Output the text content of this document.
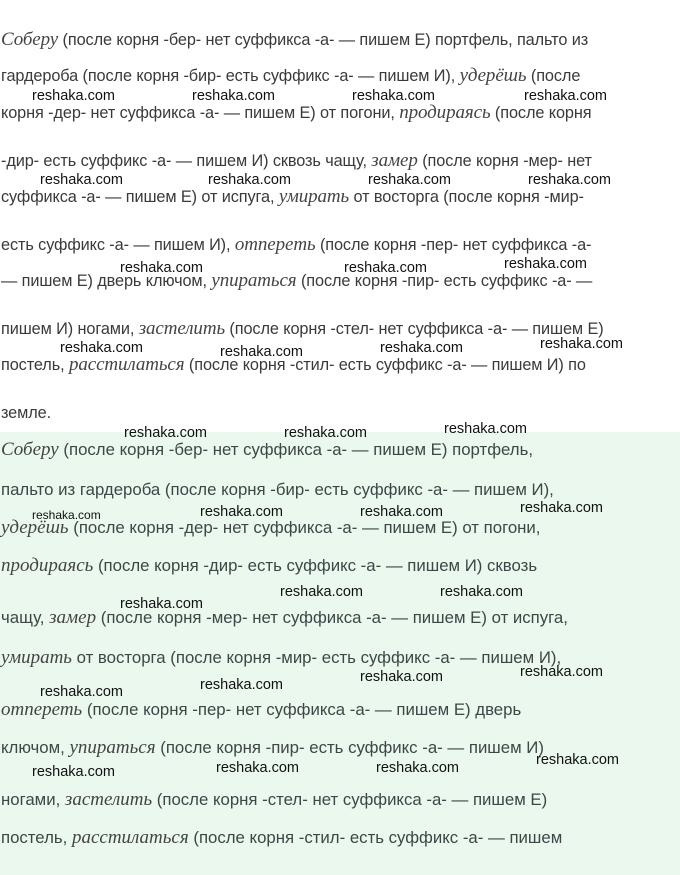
Соберу (после корня -бер- нет суффикса -а- — пишем Е) портфель, пальто из
гардероба (после корня -бир- есть суффикс -а- — пишем И), удерёшь (после
корня -дер- нет суффикса -а- — пишем Е) от погони, продираясь (после корня
-дир- есть суффикс -а- — пишем И) сквозь чащу, замер (после корня -мер- нет
суффикса -а- — пишем Е) от испуга, умирать от восторга (после корня -мир-
есть суффикс -а- — пишем И), отперeть (после корня -пер- нет суффикса -а-
— пишем Е) дверь ключом, упираться (после корня -пир- есть суффикс -а- —
пишем И) ногами, застелить (после корня -стел- нет суффикса -а- — пишем Е)
постель, расстилаться (после корня -стил- есть суффикс -а- — пишем И) по
земле.
Соберу (после корня -бер- нет суффикса -а- — пишем Е) портфель,
пальто из гардероба (после корня -бир- есть суффикс -а- — пишем И),
удерёшь (после корня -дер- нет суффикса -а- — пишем Е) от погони,
продираясь (после корня -дир- есть суффикс -а- — пишем И) сквозь
чащу, замер (после корня -мер- нет суффикса -а- — пишем Е) от испуга,
умирать от восторга (после корня -мир- есть суффикс -а- — пишем И),
отпереть (после корня -пер- нет суффикса -а- — пишем Е) дверь
ключом, упираться (после корня -пир- есть суффикс -а- — пишем И)
ногами, застелить (после корня -стел- нет суффикса -а- — пишем Е)
постель, расстилаться (после корня -стил- есть суффикс -а- — пишем
reshaka.com	reshaka.com	reshaka.com	reshaka.com
reshaka.com	reshaka.com	reshaka.com	reshaka.com
reshaka.com	reshaka.com	reshaka.com
reshaka.com	reshaka.com	reshaka.com	reshaka.com
reshaka.com	reshaka.com	reshaka.com
reshaka.com	reshaka.com	reshaka.com	reshaka.com
reshaka.com
reshaka.com	reshaka.com
reshaka.com	reshaka.com	reshaka.com	reshaka.com
reshaka.com	reshaka.com	reshaka.com	reshaka.com
